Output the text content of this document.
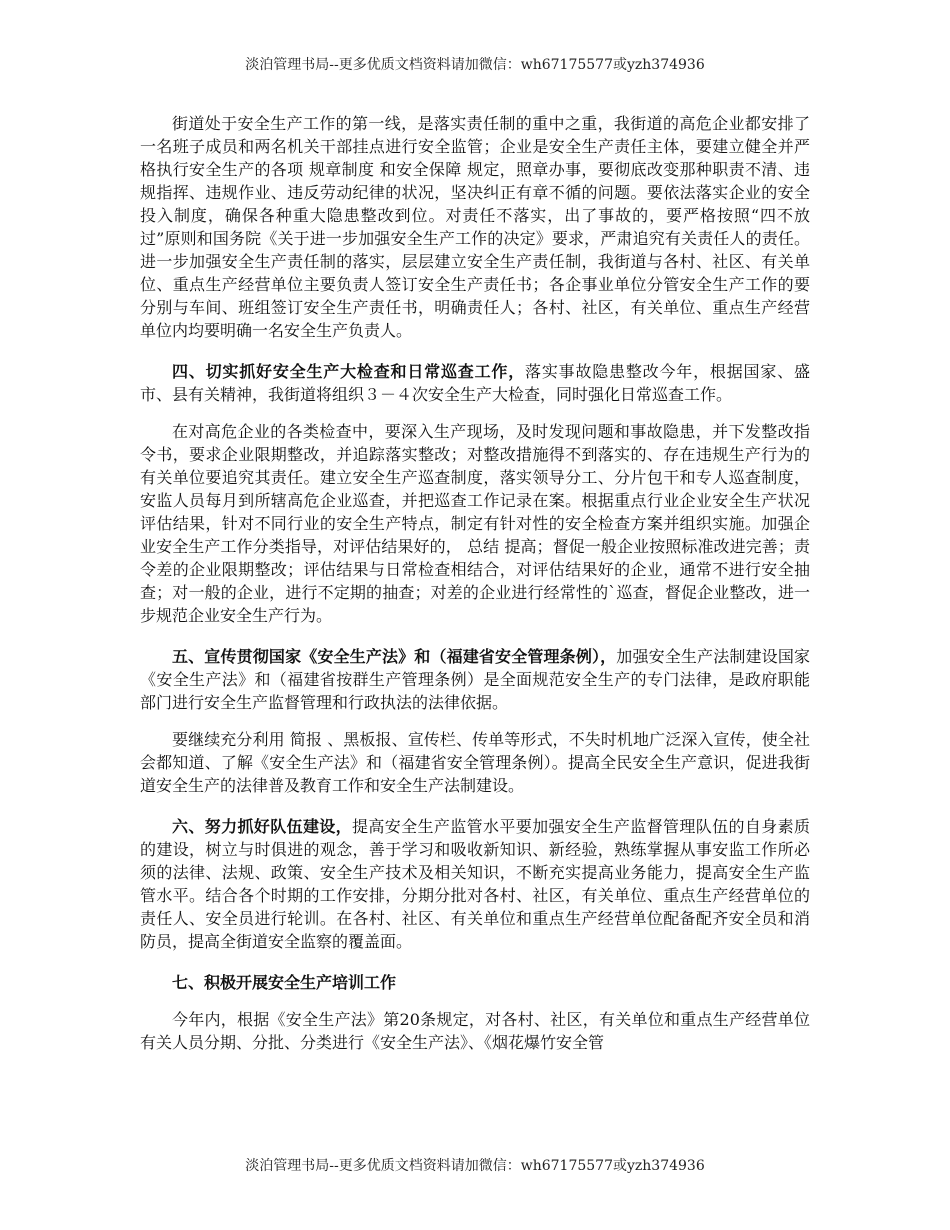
淡泊管理书局--更多优质文档资料请加微信：wh67175577或yzh374936

街道处于安全生产工作的第一线，是落实责任制的重中之重，我街道的高危企业都安排了一名班子成员和两名机关干部挂点进行安全监管；企业是安全生产责任主体，要建立健全并严格执行安全生产的各项 规章制度 和安全保障 规定，照章办事，要彻底改变那种职责不清、违规指挥、违规作业、违反劳动纪律的状况，坚决纠正有章不循的问题。要依法落实企业的安全投入制度，确保各种重大隐患整改到位。对责任不落实，出了事故的，要严格按照“四不放过”原则和国务院《关于进一步加强安全生产工作的决定》要求，严肃追究有关责任人的责任。进一步加强安全生产责任制的落实，层层建立安全生产责任制，我街道与各村、社区、有关单位、重点生产经营单位主要负责人签订安全生产责任书；各企事业单位分管安全生产工作的要分别与车间、班组签订安全生产责任书，明确责任人；各村、社区，有关单位、重点生产经营单位内均要明确一名安全生产负责人。

四、切实抓好安全生产大检查和日常巡查工作，落实事故隐患整改今年，根据国家、盛市、县有关精神，我街道将组织３－４次安全生产大检查，同时强化日常巡查工作。

在对高危企业的各类检查中，要深入生产现场，及时发现问题和事故隐患，并下发整改指令书，要求企业限期整改，并追踪落实整改；对整改措施得不到落实的、存在违规生产行为的有关单位要追究其责任。建立安全生产巡查制度，落实领导分工、分片包干和专人巡查制度，安监人员每月到所辖高危企业巡查，并把巡查工作记录在案。根据重点行业企业安全生产状况评估结果，针对不同行业的安全生产特点，制定有针对性的安全检查方案并组织实施。加强企业安全生产工作分类指导，对评估结果好的， 总结 提高；督促一般企业按照标准改进完善；责令差的企业限期整改；评估结果与日常检查相结合，对评估结果好的企业，通常不进行安全抽查；对一般的企业，进行不定期的抽查；对差的企业进行经常性的`巡查，督促企业整改，进一步规范企业安全生产行为。

五、宣传贯彻国家《安全生产法》和（福建省安全管理条例），加强安全生产法制建设国家《安全生产法》和（福建省按群生产管理条例）是全面规范安全生产的专门法律，是政府职能部门进行安全生产监督管理和行政执法的法律依据。

要继续充分利用 简报 、黑板报、宣传栏、传单等形式，不失时机地广泛深入宣传，使全社会都知道、了解《安全生产法》和（福建省安全管理条例）。提高全民安全生产意识，促进我街道安全生产的法律普及教育工作和安全生产法制建设。

六、努力抓好队伍建设，提高安全生产监管水平要加强安全生产监督管理队伍的自身素质的建设，树立与时俱进的观念，善于学习和吸收新知识、新经验，熟练掌握从事安监工作所必须的法律、法规、政策、安全生产技术及相关知识，不断充实提高业务能力，提高安全生产监管水平。结合各个时期的工作安排，分期分批对各村、社区，有关单位、重点生产经营单位的责任人、安全员进行轮训。在各村、社区、有关单位和重点生产经营单位配备配齐安全员和消防员，提高全街道安全监察的覆盖面。

七、积极开展安全生产培训工作

今年内，根据《安全生产法》第20条规定，对各村、社区，有关单位和重点生产经营单位有关人员分期、分批、分类进行《安全生产法》、《烟花爆竹安全管

淡泊管理书局--更多优质文档资料请加微信：wh67175577或yzh374936
